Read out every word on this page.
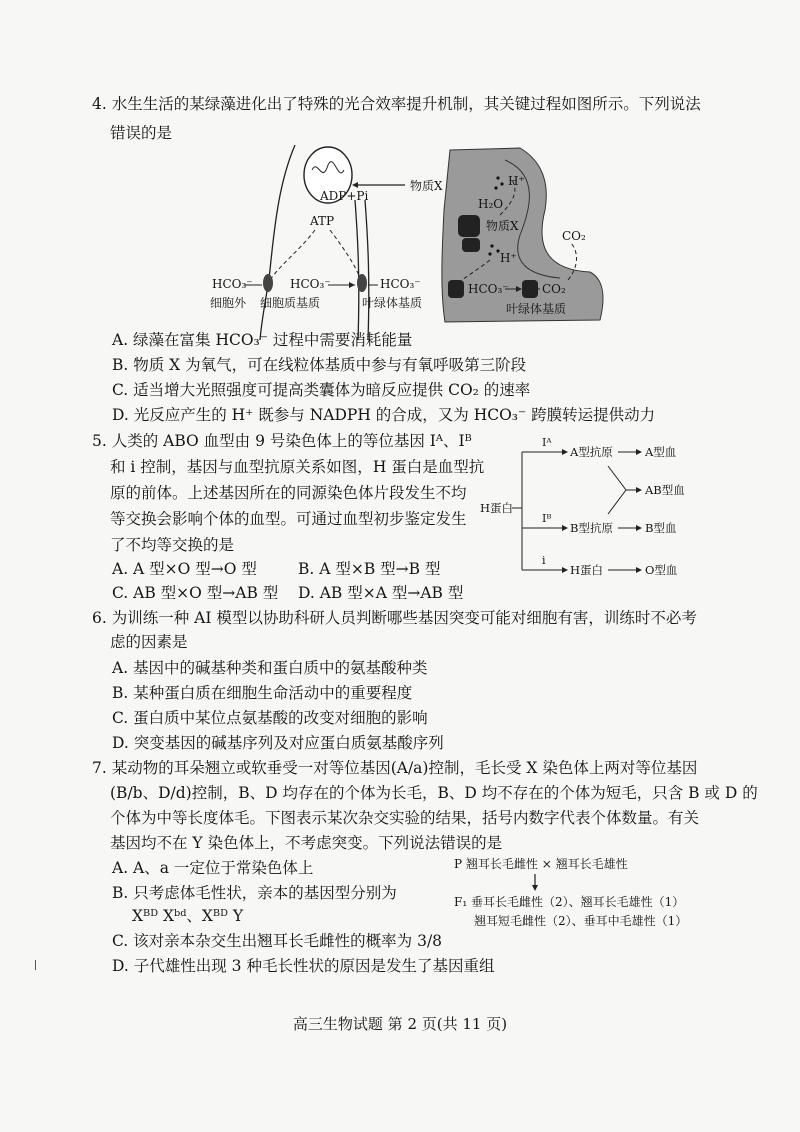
4. 水生生活的某绿藻进化出了特殊的光合效率提升机制，其关键过程如图所示。下列说法
错误的是
ADP+Pi
ATP
物质X
HCO₃⁻	HCO₃⁻	HCO₃⁻
细胞外 细胞质基质	叶绿体基质
H⁺
H₂O
物质X
H⁺
HCO₃⁻	CO₂
CO₂
叶绿体基质
A. 绿藻在富集 HCO₃⁻ 过程中需要消耗能量
B. 物质 X 为氧气，可在线粒体基质中参与有氧呼吸第三阶段
C. 适当增大光照强度可提高类囊体为暗反应提供 CO₂ 的速率
D. 光反应产生的 H⁺ 既参与 NADPH 的合成，又为 HCO₃⁻ 跨膜转运提供动力
5. 人类的 ABO 血型由 9 号染色体上的等位基因 Iᴬ、Iᴮ
和 i 控制，基因与血型抗原关系如图，H 蛋白是血型抗
原的前体。上述基因所在的同源染色体片段发生不均
等交换会影响个体的血型。可通过血型初步鉴定发生
了不均等交换的是
A. A 型×O 型→O 型	B. A 型×B 型→B 型
C. AB 型×O 型→AB 型 D. AB 型×A 型→AB 型
H蛋白
Iᴬ
Iᴮ
i
A型抗原
B型抗原
H蛋白
A型血
AB型血
B型血
O型血
6. 为训练一种 AI 模型以协助科研人员判断哪些基因突变可能对细胞有害，训练时不必考
虑的因素是
A. 基因中的碱基种类和蛋白质中的氨基酸种类
B. 某种蛋白质在细胞生命活动中的重要程度
C. 蛋白质中某位点氨基酸的改变对细胞的影响
D. 突变基因的碱基序列及对应蛋白质氨基酸序列
7. 某动物的耳朵翘立或软垂受一对等位基因(A/a)控制，毛长受 X 染色体上两对等位基因
(B/b、D/d)控制，B、D 均存在的个体为长毛，B、D 均不存在的个体为短毛，只含 B 或 D 的
个体为中等长度体毛。下图表示某次杂交实验的结果，括号内数字代表个体数量。有关
基因均不在 Y 染色体上，不考虑突变。下列说法错误的是
A. A、a 一定位于常染色体上
B. 只考虑体毛性状，亲本的基因型分别为
Xᴮᴰ Xᵇᵈ、Xᴮᴰ Y
C. 该对亲本杂交生出翘耳长毛雌性的概率为 3/8
D. 子代雄性出现 3 种毛长性状的原因是发生了基因重组
P 翘耳长毛雌性 × 翘耳长毛雄性
F₁ 垂耳长毛雌性（2）、翘耳长毛雄性（1）
翘耳短毛雌性（2）、垂耳中毛雄性（1）
高三生物试题 第 2 页(共 11 页)
